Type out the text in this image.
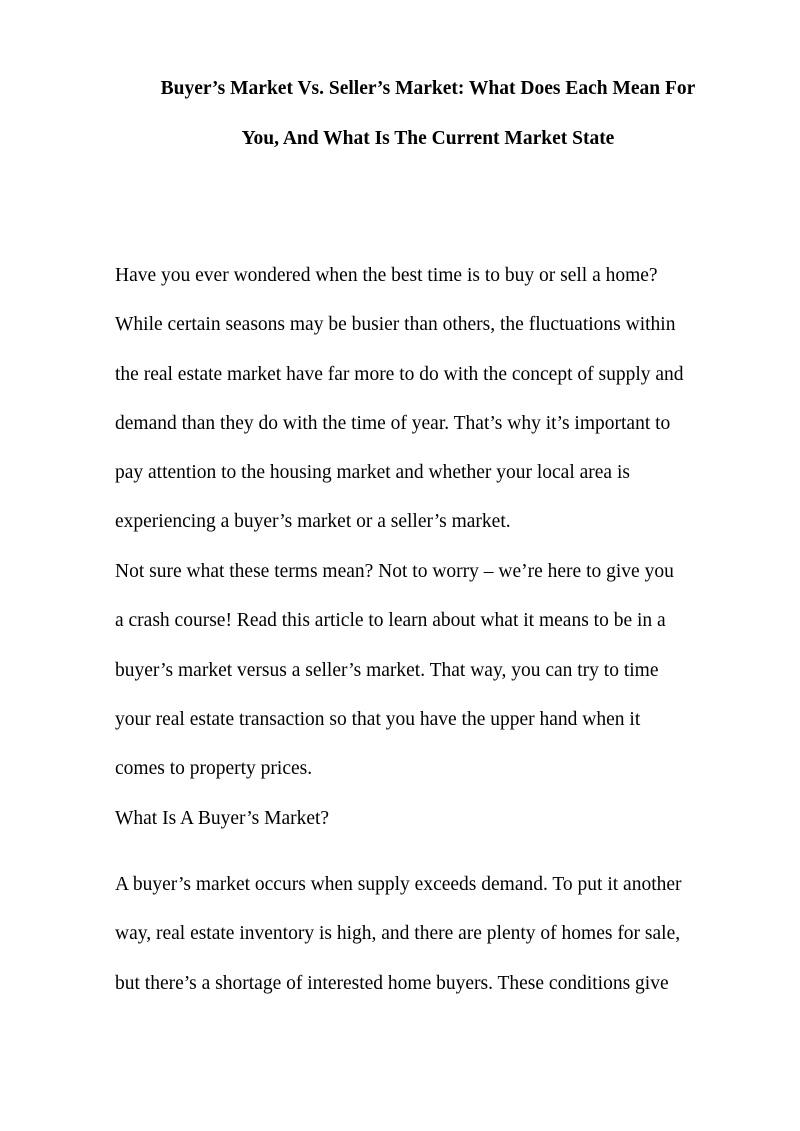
Buyer’s Market Vs. Seller’s Market: What Does Each Mean For
You, And What Is The Current Market State

Have you ever wondered when the best time is to buy or sell a home?
While certain seasons may be busier than others, the fluctuations within
the real estate market have far more to do with the concept of supply and
demand than they do with the time of year. That’s why it’s important to
pay attention to the housing market and whether your local area is
experiencing a buyer’s market or a seller’s market.

Not sure what these terms mean? Not to worry – we’re here to give you
a crash course! Read this article to learn about what it means to be in a
buyer’s market versus a seller’s market. That way, you can try to time
your real estate transaction so that you have the upper hand when it
comes to property prices.

What Is A Buyer’s Market?

A buyer’s market occurs when supply exceeds demand. To put it another
way, real estate inventory is high, and there are plenty of homes for sale,
but there’s a shortage of interested home buyers. These conditions give
